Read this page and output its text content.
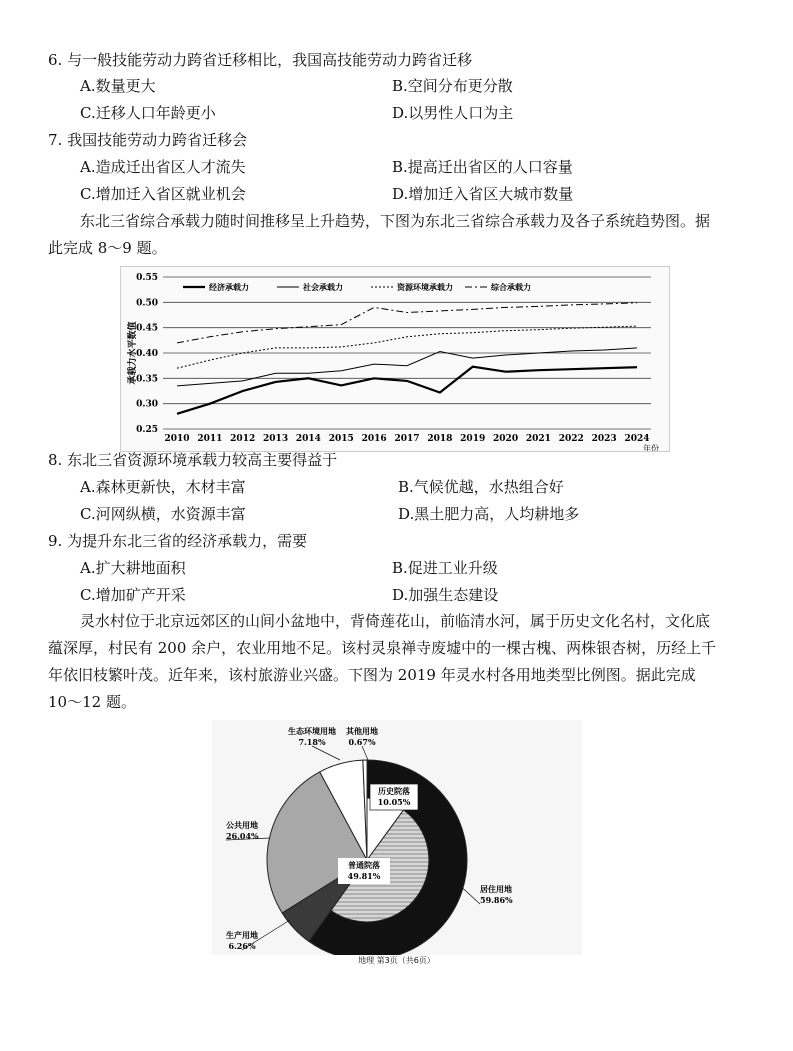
6. 与一般技能劳动力跨省迁移相比，我国高技能劳动力跨省迁移
A.数量更大	B.空间分布更分散
C.迁移人口年龄更小	D.以男性人口为主
7. 我国技能劳动力跨省迁移会
A.造成迁出省区人才流失	B.提高迁出省区的人口容量
C.增加迁入省区就业机会	D.增加迁入省区大城市数量
东北三省综合承载力随时间推移呈上升趋势，下图为东北三省综合承载力及各子系统趋势图。据
此完成 8～9 题。
0.25
0.30
0.35
0.40
0.45
0.50
0.55
2010 2011 2012 2013 2014 2015 2016 2017 2018 2019 2020 2021 2022 2023 2024
年份
承载力水平数值
经济承载力	社会承载力	资源环境承载力	综合承载力
8. 东北三省资源环境承载力较高主要得益于
A.森林更新快，木材丰富	B.气候优越，水热组合好
C.河网纵横，水资源丰富	D.黑土肥力高，人均耕地多
9. 为提升东北三省的经济承载力，需要
A.扩大耕地面积	B.促进工业升级
C.增加矿产开采	D.加强生态建设
灵水村位于北京远郊区的山间小盆地中，背倚莲花山，前临清水河，属于历史文化名村，文化底
蕴深厚，村民有 200 余户，农业用地不足。该村灵泉禅寺废墟中的一棵古槐、两株银杏树，历经上千
年依旧枝繁叶茂。近年来，该村旅游业兴盛。下图为 2019 年灵水村各用地类型比例图。据此完成
10～12 题。
居住用地
59.86%
生产用地
6.26%
公共用地
26.04%
生态环境用地
7.18%
其他用地
0.67%
历史院落
10.05%
普通院落
49.81%
地理 第3页（共6页）
